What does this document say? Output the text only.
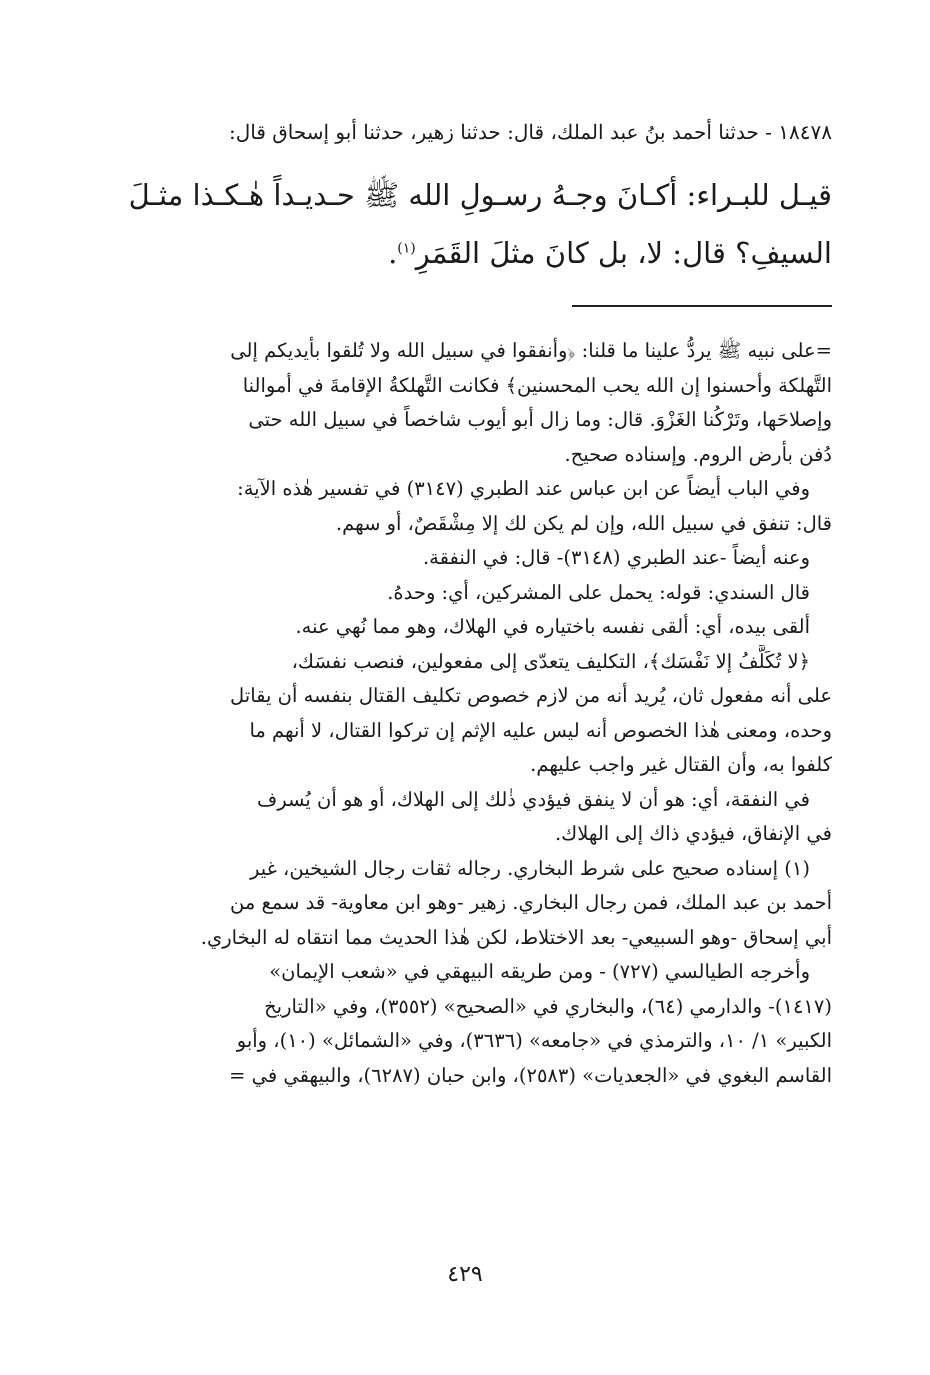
١٨٤٧٨ - حدثنا أحمد بنُ عبد الملك، قال: حدثنا زهير، حدثنا أبو إسحاق قال:
قيـل للبـراء: أكـانَ وجـهُ رسـولِ الله ﷺ حـديـداً هٰـكـذا مثـلَ
السيفِ؟ قال: لا، بل كانَ مثلَ القَمَرِ$^{(١)}$.
=على نبيه ﷺ يردُّ علينا ما قلنا: ﴿وأنفقوا في سبيل الله ولا تُلقوا بأيديكم إلى
التَّهلكة وأحسنوا إن الله يحب المحسنين﴾ فكانت التَّهلكةُ الإقامةَ في أموالنا
وإصلاحَها، وتَرْكُنا الغَزْوَ. قال: وما زال أبو أيوب شاخصاً في سبيل الله حتى
دُفن بأرض الروم. وإسناده صحيح.
وفي الباب أيضاً عن ابن عباس عند الطبري (٣١٤٧) في تفسير هٰذه الآية:
قال: تنفق في سبيل الله، وإن لم يكن لك إلا مِشْقَصٌ، أو سهم.
وعنه أيضاً -عند الطبري (٣١٤٨)- قال: في النفقة.
قال السندي: قوله: يحمل على المشركين، أي: وحدهُ.
ألقى بيده، أي: ألقى نفسه باختياره في الهلاك، وهو مما نُهي عنه.
﴿لا تُكَلَّفُ إلا نَفْسَك﴾، التكليف يتعدّى إلى مفعولين، فنصب نفسَك،
على أنه مفعول ثان، يُريد أنه من لازم خصوص تكليف القتال بنفسه أن يقاتل
وحده، ومعنى هٰذا الخصوص أنه ليس عليه الإثم إن تركوا القتال، لا أنهم ما
كلفوا به، وأن القتال غير واجب عليهم.
في النفقة، أي: هو أن لا ينفق فيؤدي ذٰلك إلى الهلاك، أو هو أن يُسرف
في الإنفاق، فيؤدي ذاك إلى الهلاك.
(١) إسناده صحيح على شرط البخاري. رجاله ثقات رجال الشيخين، غير
أحمد بن عبد الملك، فمن رجال البخاري. زهير -وهو ابن معاوية- قد سمع من
أبي إسحاق -وهو السبيعي- بعد الاختلاط، لكن هٰذا الحديث مما انتقاه له البخاري.
وأخرجه الطيالسي (٧٢٧) - ومن طريقه البيهقي في «شعب الإيمان»
(١٤١٧)- والدارمي (٦٤)، والبخاري في «الصحيح» (٣٥٥٢)، وفي «التاريخ
الكبير» ١/ ١٠، والترمذي في «جامعه» (٣٦٣٦)، وفي «الشمائل» (١٠)، وأبو
القاسم البغوي في «الجعديات» (٢٥٨٣)، وابن حبان (٦٢٨٧)، والبيهقي في =
٤٢٩
